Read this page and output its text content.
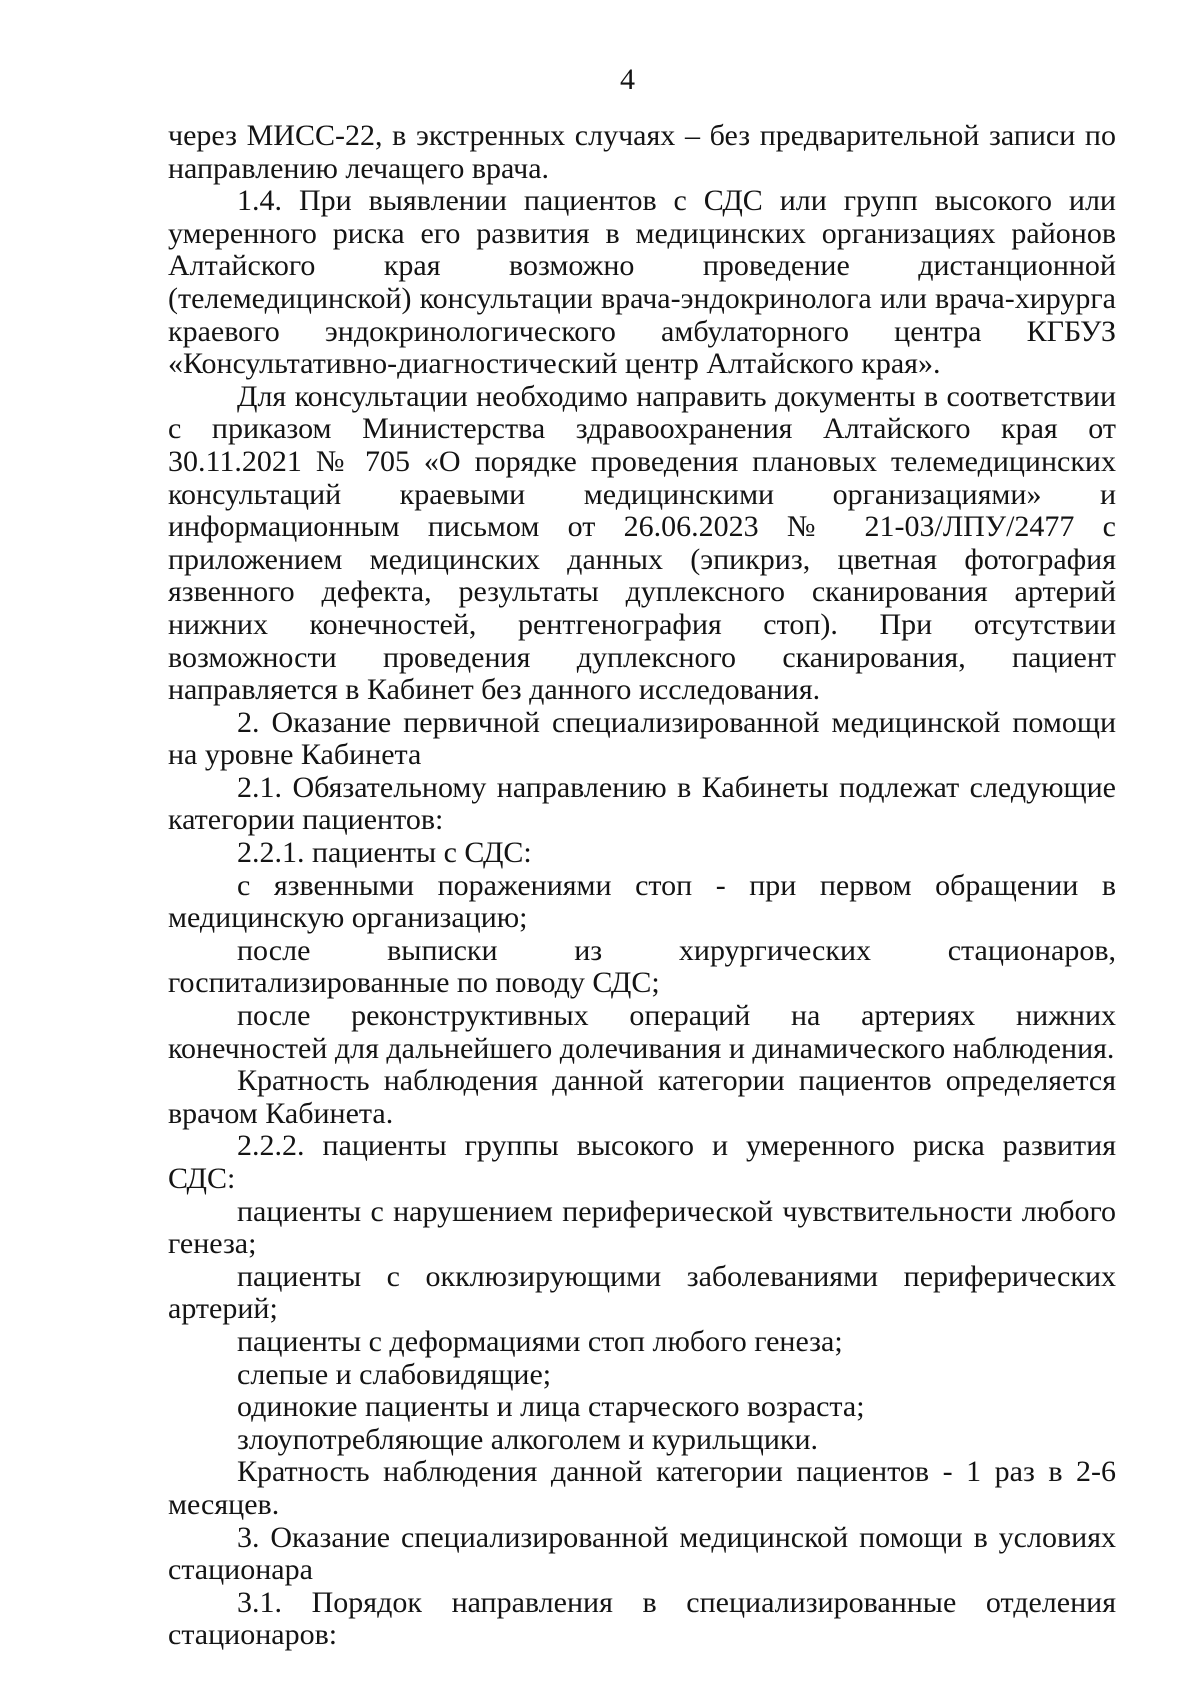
4

через МИСС-22, в экстренных случаях – без предварительной записи по направлению лечащего врача.

1.4. При выявлении пациентов с СДС или групп высокого или умеренного риска его развития в медицинских организациях районов Алтайского края возможно проведение дистанционной (телемедицинской) консультации врача-эндокринолога или врача-хирурга краевого эндокринологического амбулаторного центра КГБУЗ «Консультативно-диагностический центр Алтайского края».

Для консультации необходимо направить документы в соответствии с приказом Министерства здравоохранения Алтайского края от 30.11.2021 № 705 «О порядке проведения плановых телемедицинских консультаций краевыми медицинскими организациями» и информационным письмом от 26.06.2023 № 21-03/ЛПУ/2477 с приложением медицинских данных (эпикриз, цветная фотография язвенного дефекта, результаты дуплексного сканирования артерий нижних конечностей, рентгенография стоп). При отсутствии возможности проведения дуплексного сканирования, пациент направляется в Кабинет без данного исследования.

2. Оказание первичной специализированной медицинской помощи на уровне Кабинета

2.1. Обязательному направлению в Кабинеты подлежат следующие категории пациентов:

2.2.1. пациенты с СДС:

с язвенными поражениями стоп - при первом обращении в медицинскую организацию;

после выписки из хирургических стационаров, госпитализированные по поводу СДС;

после реконструктивных операций на артериях нижних конечностей для дальнейшего долечивания и динамического наблюдения.

Кратность наблюдения данной категории пациентов определяется врачом Кабинета.

2.2.2. пациенты группы высокого и умеренного риска развития СДС:

пациенты с нарушением периферической чувствительности любого генеза;

пациенты с окклюзирующими заболеваниями периферических артерий;

пациенты с деформациями стоп любого генеза;

слепые и слабовидящие;

одинокие пациенты и лица старческого возраста;

злоупотребляющие алкоголем и курильщики.

Кратность наблюдения данной категории пациентов - 1 раз в 2-6 месяцев.

3. Оказание специализированной медицинской помощи в условиях стационара

3.1. Порядок направления в специализированные отделения стационаров:
